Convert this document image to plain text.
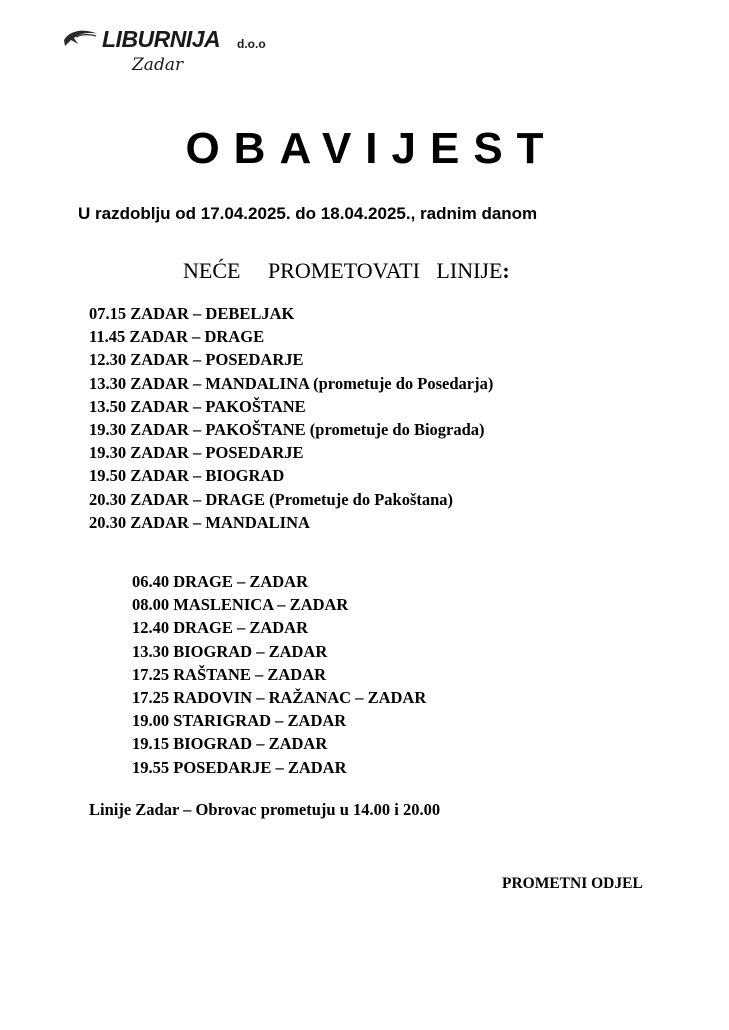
LIBURNIJA d.o.o
Zadar
OBAVIJEST
U razdoblju od 17.04.2025. do 18.04.2025., radnim danom
NEĆE     PROMETOVATI   LINIJE:
07.15 ZADAR – DEBELJAK
11.45 ZADAR – DRAGE
12.30 ZADAR – POSEDARJE
13.30 ZADAR – MANDALINA (prometuje do Posedarja)
13.50 ZADAR – PAKOŠTANE
19.30 ZADAR – PAKOŠTANE (prometuje do Biograda)
19.30 ZADAR – POSEDARJE
19.50 ZADAR – BIOGRAD
20.30 ZADAR – DRAGE (Prometuje do Pakoštana)
20.30 ZADAR – MANDALINA
06.40 DRAGE – ZADAR
08.00 MASLENICA – ZADAR
12.40 DRAGE – ZADAR
13.30 BIOGRAD – ZADAR
17.25 RAŠTANE – ZADAR
17.25 RADOVIN – RAŽANAC – ZADAR
19.00 STARIGRAD – ZADAR
19.15 BIOGRAD – ZADAR
19.55 POSEDARJE – ZADAR
Linije Zadar – Obrovac prometuju u 14.00 i 20.00
PROMETNI ODJEL
